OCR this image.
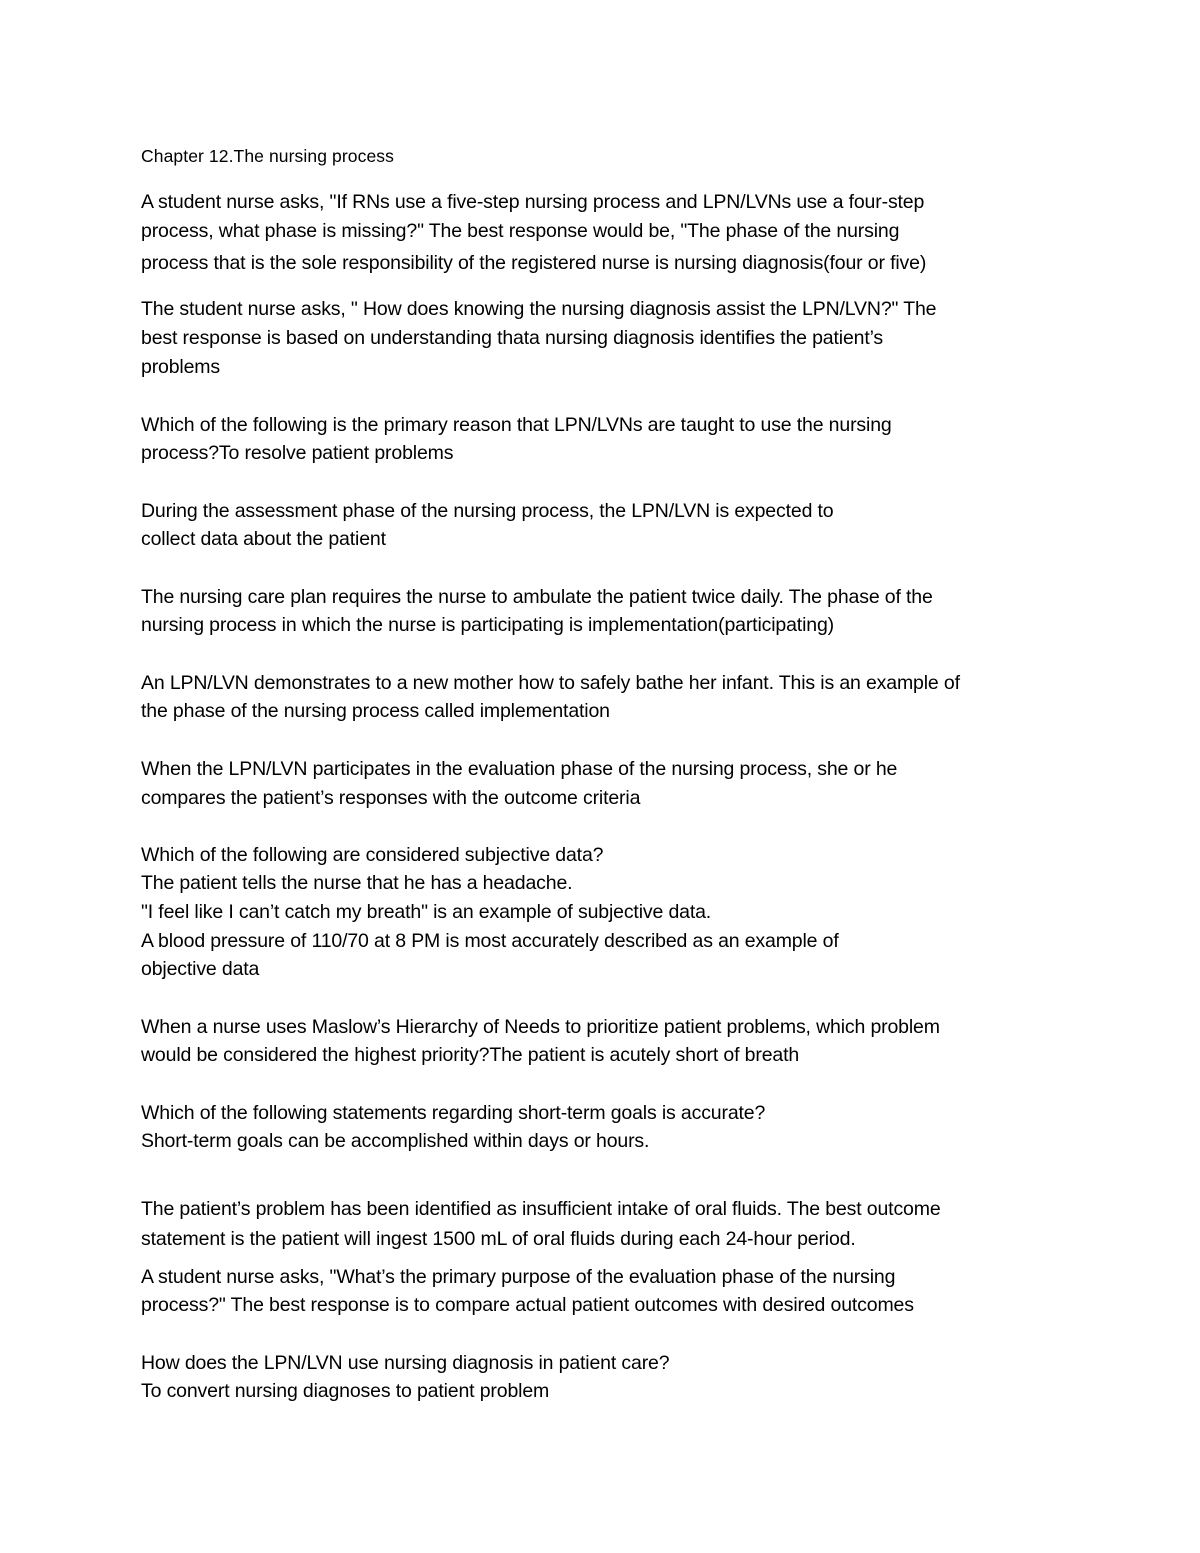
Chapter 12.The nursing process
A student nurse asks, "If RNs use a five-step nursing process and LPN/LVNs use a four-step
process, what phase is missing?" The best response would be, "The phase of the nursing
process that is the sole responsibility of the registered nurse is nursing diagnosis(four or five)
The student nurse asks, " How does knowing the nursing diagnosis assist the LPN/LVN?" The
best response is based on understanding thata nursing diagnosis identifies the patient’s
problems
Which of the following is the primary reason that LPN/LVNs are taught to use the nursing
process?To resolve patient problems
During the assessment phase of the nursing process, the LPN/LVN is expected to
collect data about the patient
The nursing care plan requires the nurse to ambulate the patient twice daily. The phase of the
nursing process in which the nurse is participating is implementation(participating)
An LPN/LVN demonstrates to a new mother how to safely bathe her infant. This is an example of
the phase of the nursing process called implementation
When the LPN/LVN participates in the evaluation phase of the nursing process, she or he
compares the patient’s responses with the outcome criteria
Which of the following are considered subjective data?
The patient tells the nurse that he has a headache.
"I feel like I can’t catch my breath" is an example of subjective data.
A blood pressure of 110/70 at 8 PM is most accurately described as an example of
objective data
When a nurse uses Maslow’s Hierarchy of Needs to prioritize patient problems, which problem
would be considered the highest priority?The patient is acutely short of breath
Which of the following statements regarding short-term goals is accurate?
Short-term goals can be accomplished within days or hours.
The patient’s problem has been identified as insufficient intake of oral fluids. The best outcome
statement is the patient will ingest 1500 mL of oral fluids during each 24-hour period.
A student nurse asks, "What’s the primary purpose of the evaluation phase of the nursing
process?" The best response is to compare actual patient outcomes with desired outcomes
How does the LPN/LVN use nursing diagnosis in patient care?
To convert nursing diagnoses to patient problem
